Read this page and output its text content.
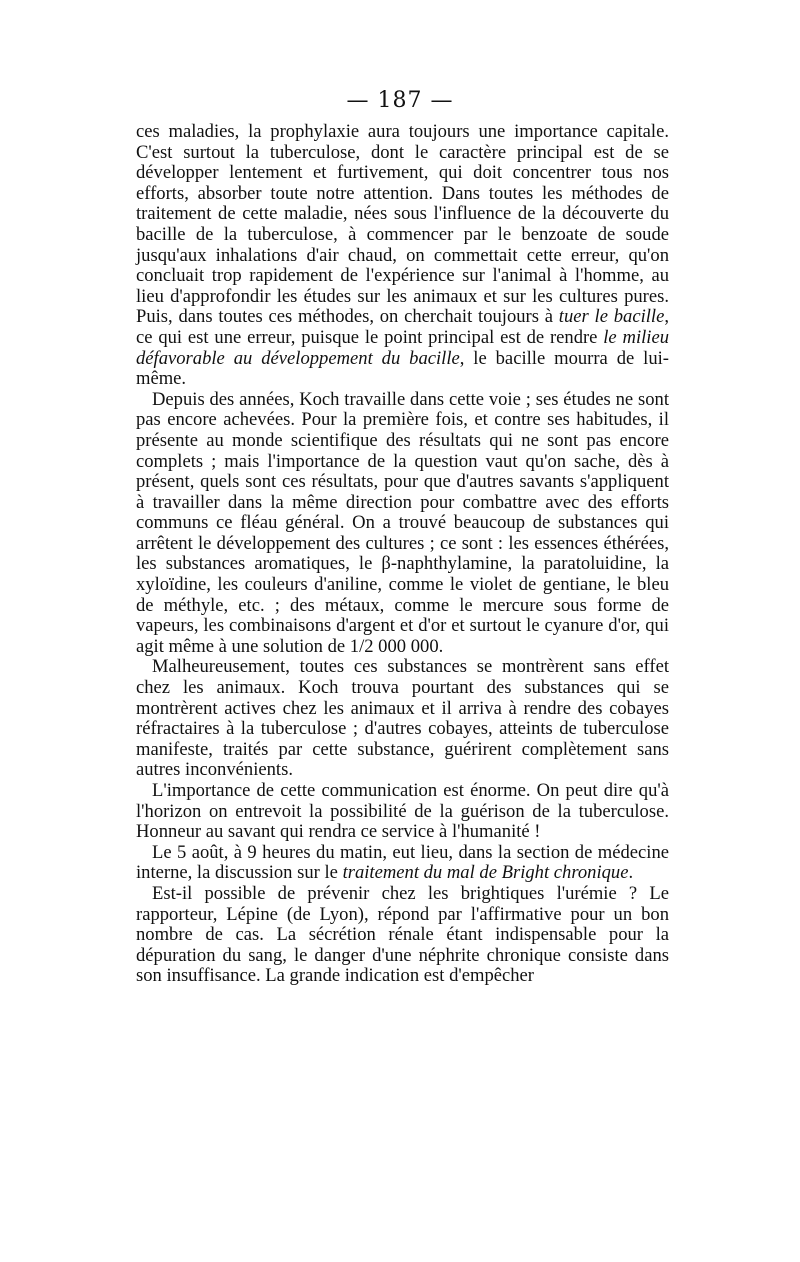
— 187 —

ces maladies, la prophylaxie aura toujours une importance capitale. C'est surtout la tuberculose, dont le caractère principal est de se développer lentement et furtivement, qui doit concentrer tous nos efforts, absorber toute notre attention. Dans toutes les méthodes de traitement de cette maladie, nées sous l'influence de la découverte du bacille de la tuberculose, à commencer par le benzoate de soude jusqu'aux inhalations d'air chaud, on commettait cette erreur, qu'on concluait trop rapidement de l'expérience sur l'animal à l'homme, au lieu d'approfondir les études sur les animaux et sur les cultures pures. Puis, dans toutes ces méthodes, on cherchait toujours à tuer le bacille, ce qui est une erreur, puisque le point principal est de rendre le milieu défavorable au développement du bacille, le bacille mourra de lui-même.

Depuis des années, Koch travaille dans cette voie ; ses études ne sont pas encore achevées. Pour la première fois, et contre ses habitudes, il présente au monde scientifique des résultats qui ne sont pas encore complets ; mais l'importance de la question vaut qu'on sache, dès à présent, quels sont ces résultats, pour que d'autres savants s'appliquent à travailler dans la même direction pour combattre avec des efforts communs ce fléau général. On a trouvé beaucoup de substances qui arrêtent le développement des cultures ; ce sont : les essences éthérées, les substances aromatiques, le β-naphthylamine, la paratoluidine, la xyloïdine, les couleurs d'aniline, comme le violet de gentiane, le bleu de méthyle, etc. ; des métaux, comme le mercure sous forme de vapeurs, les combinaisons d'argent et d'or et surtout le cyanure d'or, qui agit même à une solution de 1/2 000 000.

Malheureusement, toutes ces substances se montrèrent sans effet chez les animaux. Koch trouva pourtant des substances qui se montrèrent actives chez les animaux et il arriva à rendre des cobayes réfractaires à la tuberculose ; d'autres cobayes, atteints de tuberculose manifeste, traités par cette substance, guérirent complètement sans autres inconvénients.

L'importance de cette communication est énorme. On peut dire qu'à l'horizon on entrevoit la possibilité de la guérison de la tuberculose. Honneur au savant qui rendra ce service à l'humanité !

Le 5 août, à 9 heures du matin, eut lieu, dans la section de médecine interne, la discussion sur le traitement du mal de Bright chronique.

Est-il possible de prévenir chez les brightiques l'urémie ? Le rapporteur, Lépine (de Lyon), répond par l'affirmative pour un bon nombre de cas. La sécrétion rénale étant indispensable pour la dépuration du sang, le danger d'une néphrite chronique consiste dans son insuffisance. La grande indication est d'empêcher
